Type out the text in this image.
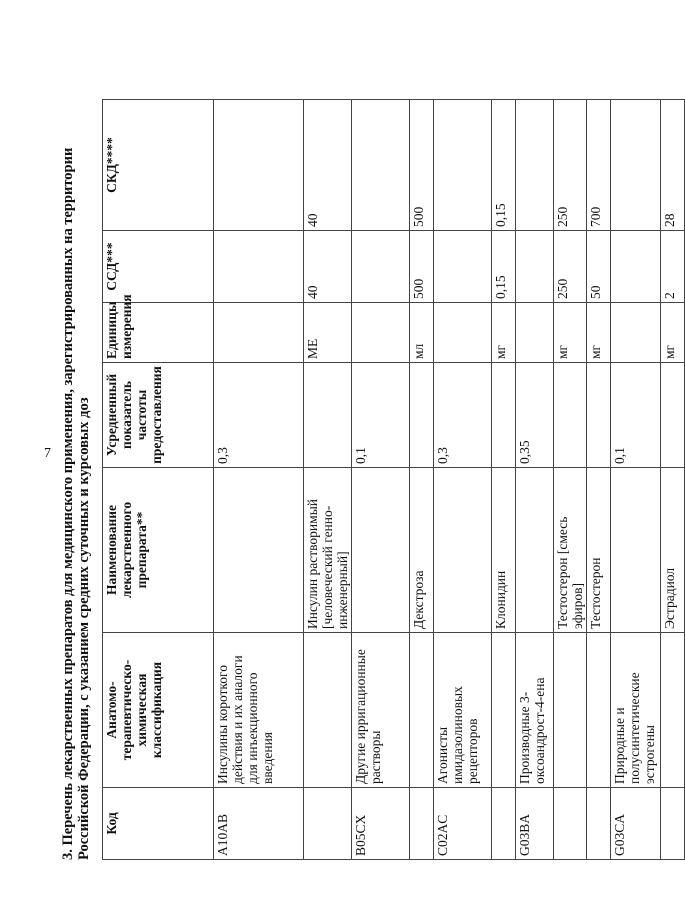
7 3. Перечень лекарственных препаратов для медицинского применения, зарегистрированных на территории Российской Федерации, с указанием средних суточных и курсовых доз Код	Анатомо-терапевтическо-химическая классификация	Наименование лекарственного препарата**	Усредненный показатель частоты предоставления	Единицы измерения	ССД***	СКД****
A10AB	Инсулины короткого действия и их аналоги для инъекционного введения		0,3			
		Инсулин растворимый [человеческий генно-инженерный]		МЕ	40	40
B05CX	Другие ирригационные растворы		0,1			
		Декстроза		мл	500	500
C02AC	Агонисты имидазолиновых рецепторов		0,3			
		Клонидин		мг	0,15	0,15
G03BA	Производные 3-оксоандрост-4-ена		0,35			
		Тестостерон [смесь эфиров]		мг	250	250
		Тестостерон		мг	50	700
G03CA	Природные и полусинтетические эстрогены		0,1			
		Эстрадиол		мг	2	28
